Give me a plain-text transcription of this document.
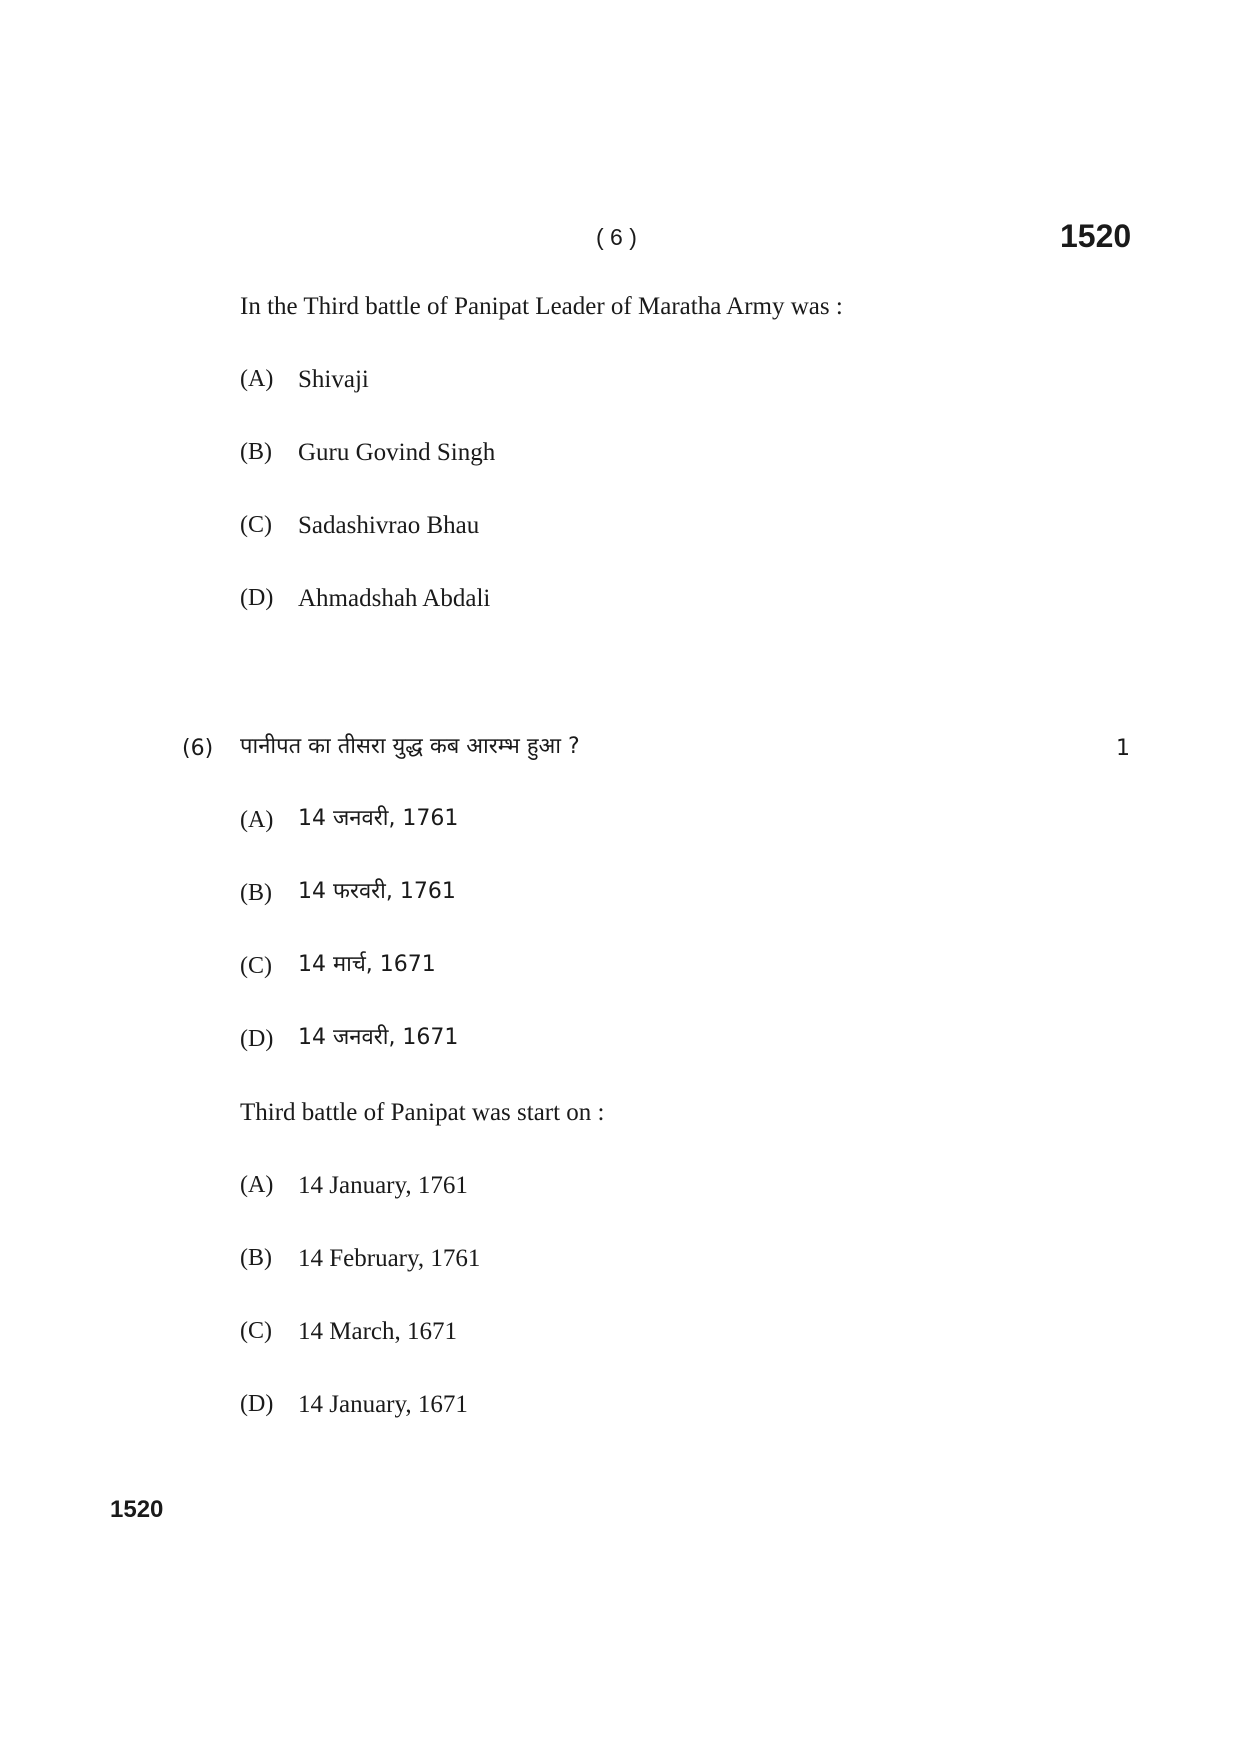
( 6 )	1520
In the Third battle of Panipat Leader of Maratha Army was :
(A) Shivaji
(B) Guru Govind Singh
(C) Sadashivrao Bhau
(D) Ahmadshah Abdali
(6) पानीपत का तीसरा युद्ध कब आरम्भ हुआ ?	1
(A) 14 जनवरी, 1761
(B) 14 फरवरी, 1761
(C) 14 मार्च, 1671
(D) 14 जनवरी, 1671
Third battle of Panipat was start on :
(A) 14 January, 1761
(B) 14 February, 1761
(C) 14 March, 1671
(D) 14 January, 1671
1520
